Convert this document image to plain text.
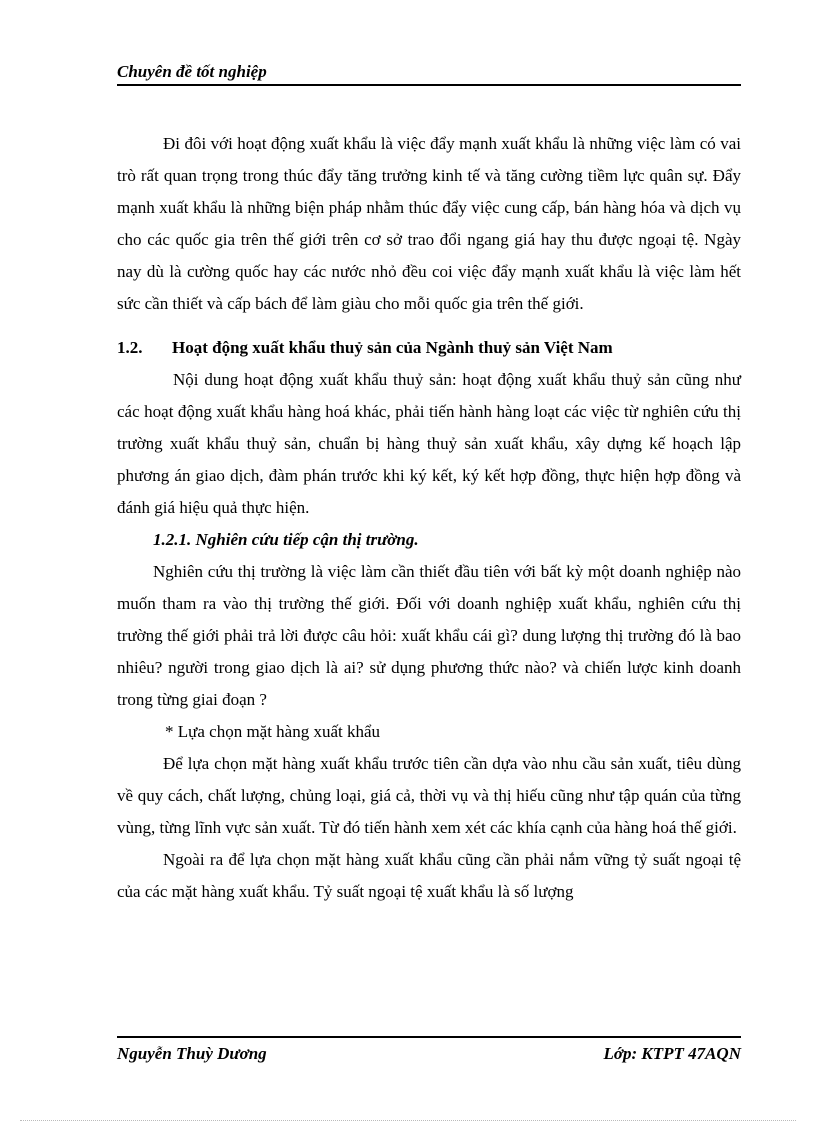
Chuyên đề tốt nghiệp

Đi đôi với hoạt động xuất khẩu là việc đẩy mạnh xuất khẩu là những việc làm có vai trò rất quan trọng trong thúc đẩy tăng trưởng kinh tế và tăng cường tiềm lực quân sự. Đẩy mạnh xuất khẩu là những biện pháp nhằm thúc đẩy việc cung cấp, bán hàng hóa và dịch vụ cho các quốc gia trên thế giới trên cơ sở trao đổi ngang giá hay thu được ngoại tệ. Ngày nay dù là cường quốc hay các nước nhỏ đều coi việc đẩy mạnh xuất khẩu là việc làm hết sức cần thiết và cấp bách để làm giàu cho mỗi quốc gia trên thế giới.

1.2.	Hoạt động xuất khẩu thuỷ sản của Ngành thuỷ sản Việt Nam

Nội dung hoạt động xuất khẩu thuỷ sản: hoạt động xuất khẩu thuỷ sản cũng như các hoạt động xuất khẩu hàng hoá khác, phải tiến hành hàng loạt các việc từ nghiên cứu thị trường xuất khẩu thuỷ sản, chuẩn bị hàng thuỷ sản xuất khẩu, xây dựng kế hoạch lập phương án giao dịch, đàm phán trước khi ký kết, ký kết hợp đồng, thực hiện hợp đồng và đánh giá hiệu quả thực hiện.

1.2.1. Nghiên cứu tiếp cận thị trường.

Nghiên cứu thị trường là việc làm cần thiết đầu tiên với bất kỳ một doanh nghiệp nào muốn tham ra vào thị trường thế giới. Đối với doanh nghiệp xuất khẩu, nghiên cứu thị trường thế giới phải trả lời được câu hỏi: xuất khẩu cái gì? dung lượng thị trường đó là bao nhiêu? người trong giao dịch là ai? sử dụng phương thức nào? và chiến lược kinh doanh trong từng giai đoạn ?

* Lựa chọn mặt hàng xuất khẩu

Để lựa chọn mặt hàng xuất khẩu trước tiên cần dựa vào nhu cầu sản xuất, tiêu dùng về quy cách, chất lượng, chủng loại, giá cả, thời vụ và thị hiếu cũng như tập quán của từng vùng, từng lĩnh vực sản xuất. Từ đó tiến hành xem xét các khía cạnh của hàng hoá thế giới.

Ngoài ra để lựa chọn mặt hàng xuất khẩu cũng cần phải nắm vững tỷ suất ngoại tệ của các mặt hàng xuất khẩu. Tỷ suất ngoại tệ xuất khẩu là số lượng

Nguyễn Thuỳ Dương	Lớp: KTPT 47AQN
